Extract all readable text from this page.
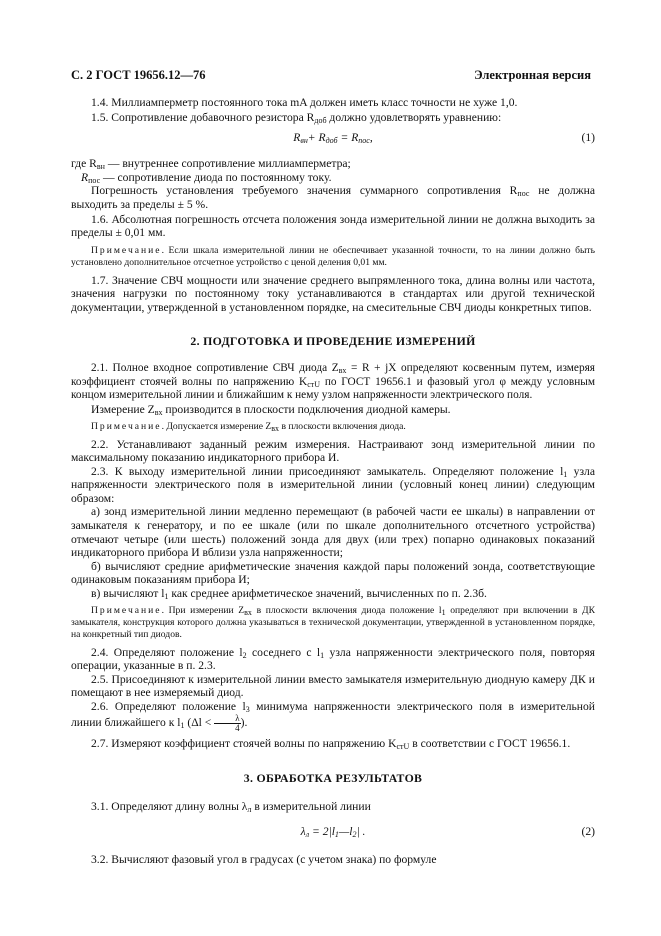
С. 2 ГОСТ 19656.12—76	Электронная версия

1.4. Миллиамперметр постоянного тока mA должен иметь класс точности не хуже 1,0.

1.5. Сопротивление добавочного резистора $R_{доб}$ должно удовлетворять уравнению:

$R_{вн}+ R_{доб} = R_{пос}$,	(1)

где $R_{вн}$ — внутреннее сопротивление миллиамперметра;

$R_{пос}$ — сопротивление диода по постоянному току.

Погрешность установления требуемого значения суммарного сопротивления $R_{пос}$ не должна выходить за пределы ± 5 %.

1.6. Абсолютная погрешность отсчета положения зонда измерительной линии не должна выходить за пределы ± 0,01 мм.

Примечание. Если шкала измерительной линии не обеспечивает указанной точности, то на линии должно быть установлено дополнительное отсчетное устройство с ценой деления 0,01 мм.

1.7. Значение СВЧ мощности или значение среднего выпрямленного тока, длина волны или частота, значения нагрузки по постоянному току устанавливаются в стандартах или другой технической документации, утвержденной в установленном порядке, на смесительные СВЧ диоды конкретных типов.

2. ПОДГОТОВКА И ПРОВЕДЕНИЕ ИЗМЕРЕНИЙ

2.1. Полное входное сопротивление СВЧ диода $Z_{вх} = R$ + jX определяют косвенным путем, измеряя коэффициент стоячей волны по напряжению $K_{стU}$ по ГОСТ 19656.1 и фазовый угол φ между условным концом измерительной линии и ближайшим к нему узлом напряженности электрического поля.

Измерение $Z_{вх}$ производится в плоскости подключения диодной камеры.

Примечание. Допускается измерение $Z_{вх}$ в плоскости включения диода.

2.2. Устанавливают заданный режим измерения. Настраивают зонд измерительной линии по максимальному показанию индикаторного прибора И.

2.3. К выходу измерительной линии присоединяют замыкатель. Определяют положение $l_1$ узла напряженности электрического поля в измерительной линии (условный конец линии) следующим образом:

а) зонд измерительной линии медленно перемещают (в рабочей части ее шкалы) в направлении от замыкателя к генератору, и по ее шкале (или по шкале дополнительного отсчетного устройства) отмечают четыре (или шесть) положений зонда для двух (или трех) попарно одинаковых показаний индикаторного прибора И вблизи узла напряженности;

б) вычисляют средние арифметические значения каждой пары положений зонда, соответствующие одинаковым показаниям прибора И;

в) вычисляют $l_1$ как среднее арифметическое значений, вычисленных по п. 2.3б.

Примечание. При измерении $Z_{вх}$ в плоскости включения диода положение $l_1$ определяют при включении в ДК замыкателя, конструкция которого должна указываться в технической документации, утвержденной в установленном порядке, на конкретный тип диодов.

2.4. Определяют положение $l_2$ соседнего с $l_1$ узла напряженности электрического поля, повторяя операции, указанные в п. 2.3.

2.5. Присоединяют к измерительной линии вместо замыкателя измерительную диодную камеру ДК и помещают в нее измеряемый диод.

2.6. Определяют положение $l_3$ минимума напряженности электрического поля в измерительной линии ближайшего к $l_1$ ($\Delta l < \frac{\lambda}{4}$ ).

2.7. Измеряют коэффициент стоячей волны по напряжению $K_{стU}$ в соответствии с ГОСТ 19656.1.

3. ОБРАБОТКА РЕЗУЛЬТАТОВ

3.1. Определяют длину волны $\lambda_л$ в измерительной линии

$\lambda_л$ = $2|l_1—l_2|$ .	(2)

3.2. Вычисляют фазовый угол в градусах (с учетом знака) по формуле
